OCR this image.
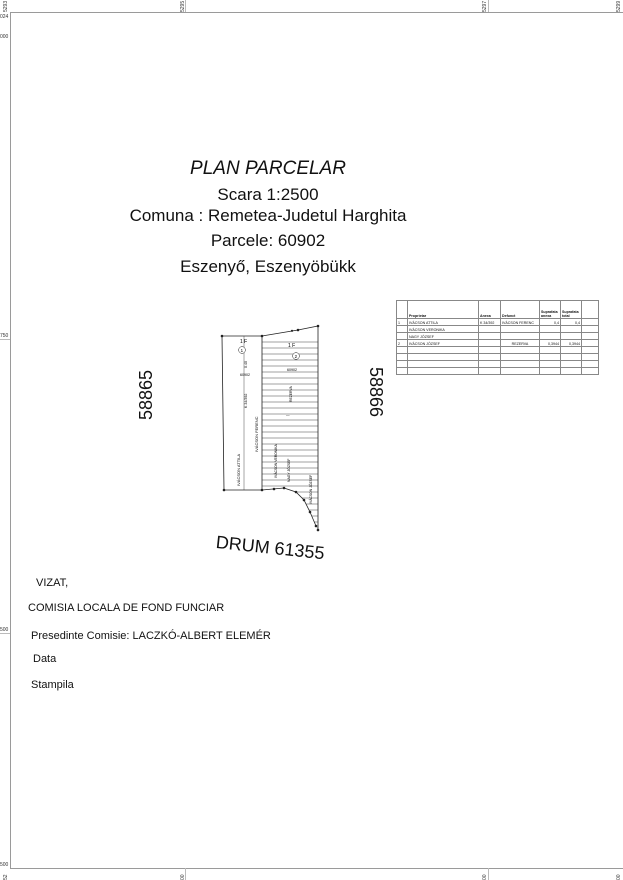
5293	5295	5297	5299
024
000
750
500
500
52	00	00	00
PLAN PARCELAR
Scara 1:2500
Comuna : Remetea-Judetul Harghita
Parcele: 60902
Eszenyő, Eszenyöbükk
58865	58866
DRUM 61355
1 F
1
1 F
2
0.40
60902
K 34/392
IVÁCSON ATTILA
IVÁCSON FERENC
60902
REZERVA
—
IVÁCSON VERONIKA	NAGY JÓZSEF
IVÁCSON JÓZSEF
	Proprietar	Anexa	Defunct	Suprafata anexa	Suprafata total	
1	IVÁCSON ATTILA	K 34/392	IVÁCSON FERENC	0,4	0,4	
	IVÁCSON VERONIKA					
	NAGY JÓZSEF					
2	IVÁCSON JÓZSEF		REZERVA	0,3944	0,3944	

VIZAT,
COMISIA LOCALA DE FOND FUNCIAR
Presedinte Comisie: LACZKÓ-ALBERT ELEMÉR
Data
Stampila
